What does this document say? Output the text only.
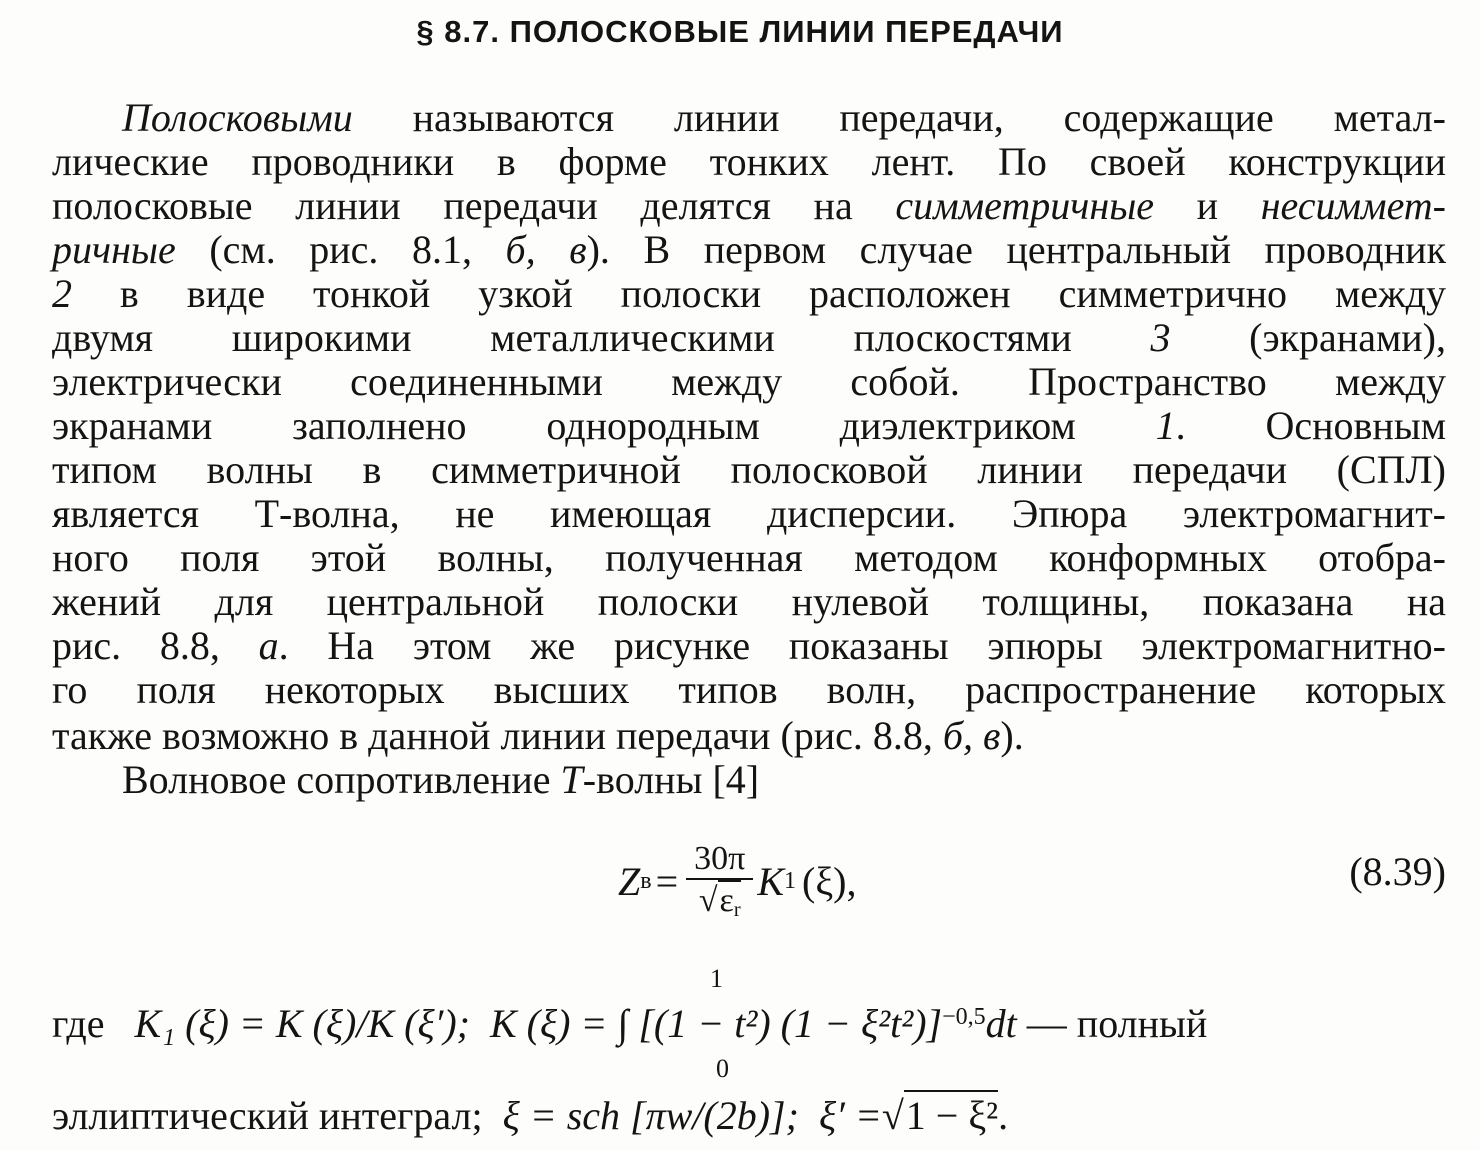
§ 8.7. ПОЛОСКОВЫЕ ЛИНИИ ПЕРЕДАЧИ
Полосковыми называются линии передачи, содержащие метал-
лические проводники в форме тонких лент. По своей конструкции
полосковые линии передачи делятся на симметричные и несиммет-
ричные (см. рис. 8.1, б, в). В первом случае центральный проводник
2 в виде тонкой узкой полоски расположен симметрично между
двумя широкими металлическими плоскостями 3 (экранами),
электрически соединенными между собой. Пространство между
экранами заполнено однородным диэлектриком 1. Основным
типом волны в симметричной полосковой линии передачи (СПЛ)
является Т-волна, не имеющая дисперсии. Эпюра электромагнит-
ного поля этой волны, полученная методом конформных отобра-
жений для центральной полоски нулевой толщины, показана на
рис. 8.8, а. На этом же рисунке показаны эпюры электромагнитно-
го поля некоторых высших типов волн, распространение которых
также возможно в данной линии передачи (рис. 8.8, б, в).
Волновое сопротивление T-волны [4]
Z $в = \frac{30\pi}{√\varepsilon_r}$ K 1 (ξ),	(8.39)
1
0
где K₁ (ξ) = K (ξ)/K (ξ′); K (ξ) = ∫ [(1 − t²) (1 − ξ²t²)]$^{-0,5}$dt — полный
эллиптический интеграл;  ξ = sch [πw/(2b)]; ξ′ =√1 − ξ².
